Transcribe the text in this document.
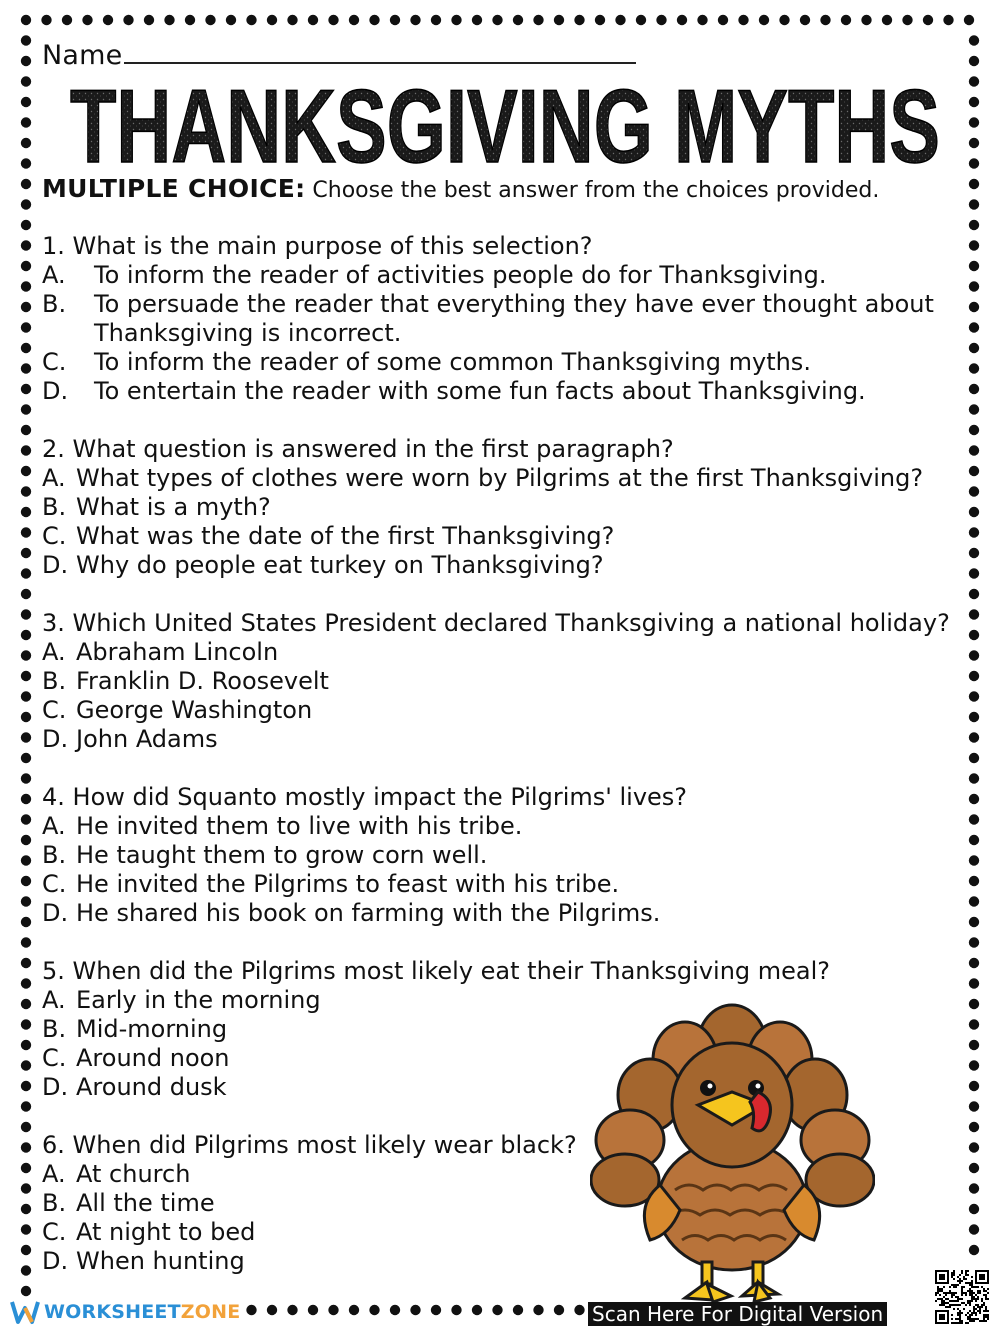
Name
THANKSGIVING MYTHS
MULTIPLE CHOICE: Choose the best answer from the choices provided.
1. What is the main purpose of this selection?
A.	To inform the reader of activities people do for Thanksgiving.
B.	To persuade the reader that everything they have ever thought about Thanksgiving is incorrect.
C.	To inform the reader of some common Thanksgiving myths.
D.	To entertain the reader with some fun facts about Thanksgiving.
2. What question is answered in the first paragraph?
A. What types of clothes were worn by Pilgrims at the first Thanksgiving?
B. What is a myth?
C. What was the date of the first Thanksgiving?
D. Why do people eat turkey on Thanksgiving?
3. Which United States President declared Thanksgiving a national holiday?
A. Abraham Lincoln
B. Franklin D. Roosevelt
C. George Washington
D. John Adams
4. How did Squanto mostly impact the Pilgrims' lives?
A. He invited them to live with his tribe.
B. He taught them to grow corn well.
C. He invited the Pilgrims to feast with his tribe.
D. He shared his book on farming with the Pilgrims.
5. When did the Pilgrims most likely eat their Thanksgiving meal?
A. Early in the morning
B. Mid-morning
C. Around noon
D. Around dusk
6. When did Pilgrims most likely wear black?
A. At church
B. All the time
C. At night to bed
D. When hunting
WORKSHEETZONE	Scan Here For Digital Version
